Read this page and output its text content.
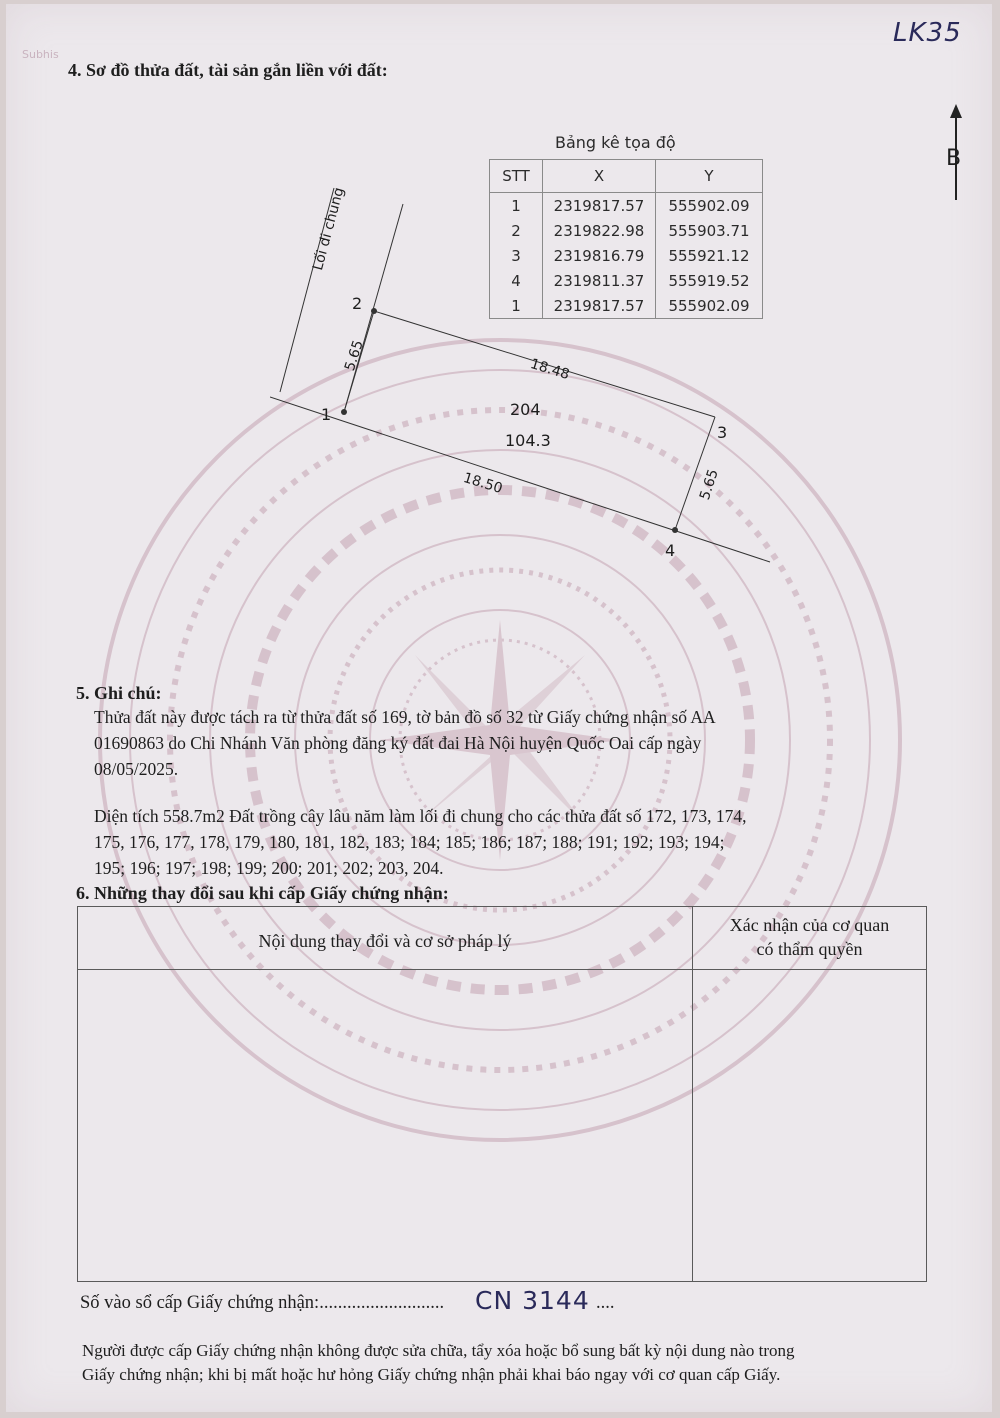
LK35
Subhis
4. Sơ đồ thửa đất, tài sản gắn liền với đất:
Bảng kê tọa độ
STT	X	Y
1	2319817.57	555902.09
2	2319822.98	555903.71
3	2319816.79	555921.12
4	2319811.37	555919.52
1	2319817.57	555902.09
B
Lối đi chung
2
1
3
4
5.65	18.48
18.50	5.65
204
104.3
5. Ghi chú:

Thửa đất này được tách ra từ thửa đất số 169, tờ bản đồ số 32 từ Giấy chứng nhận số AA

01690863 do Chi Nhánh Văn phòng đăng ký đất đai Hà Nội huyện Quốc Oai cấp ngày

08/05/2025.

Diện tích 558.7m2 Đất trồng cây lâu năm làm lối đi chung cho các thửa đất số 172, 173, 174,

175, 176, 177, 178, 179, 180, 181, 182, 183; 184; 185; 186; 187; 188; 191; 192; 193; 194;

195; 196; 197; 198; 199; 200; 201; 202; 203, 204.

6. Những thay đổi sau khi cấp Giấy chứng nhận:
Nội dung thay đổi và cơ sở pháp lý
Xác nhận của cơ quan
có thẩm quyền
Số vào sổ cấp Giấy chứng nhận:........................... CN 3144 ....
Người được cấp Giấy chứng nhận không được sửa chữa, tẩy xóa hoặc bổ sung bất kỳ nội dung nào trong
Giấy chứng nhận; khi bị mất hoặc hư hỏng Giấy chứng nhận phải khai báo ngay với cơ quan cấp Giấy.
